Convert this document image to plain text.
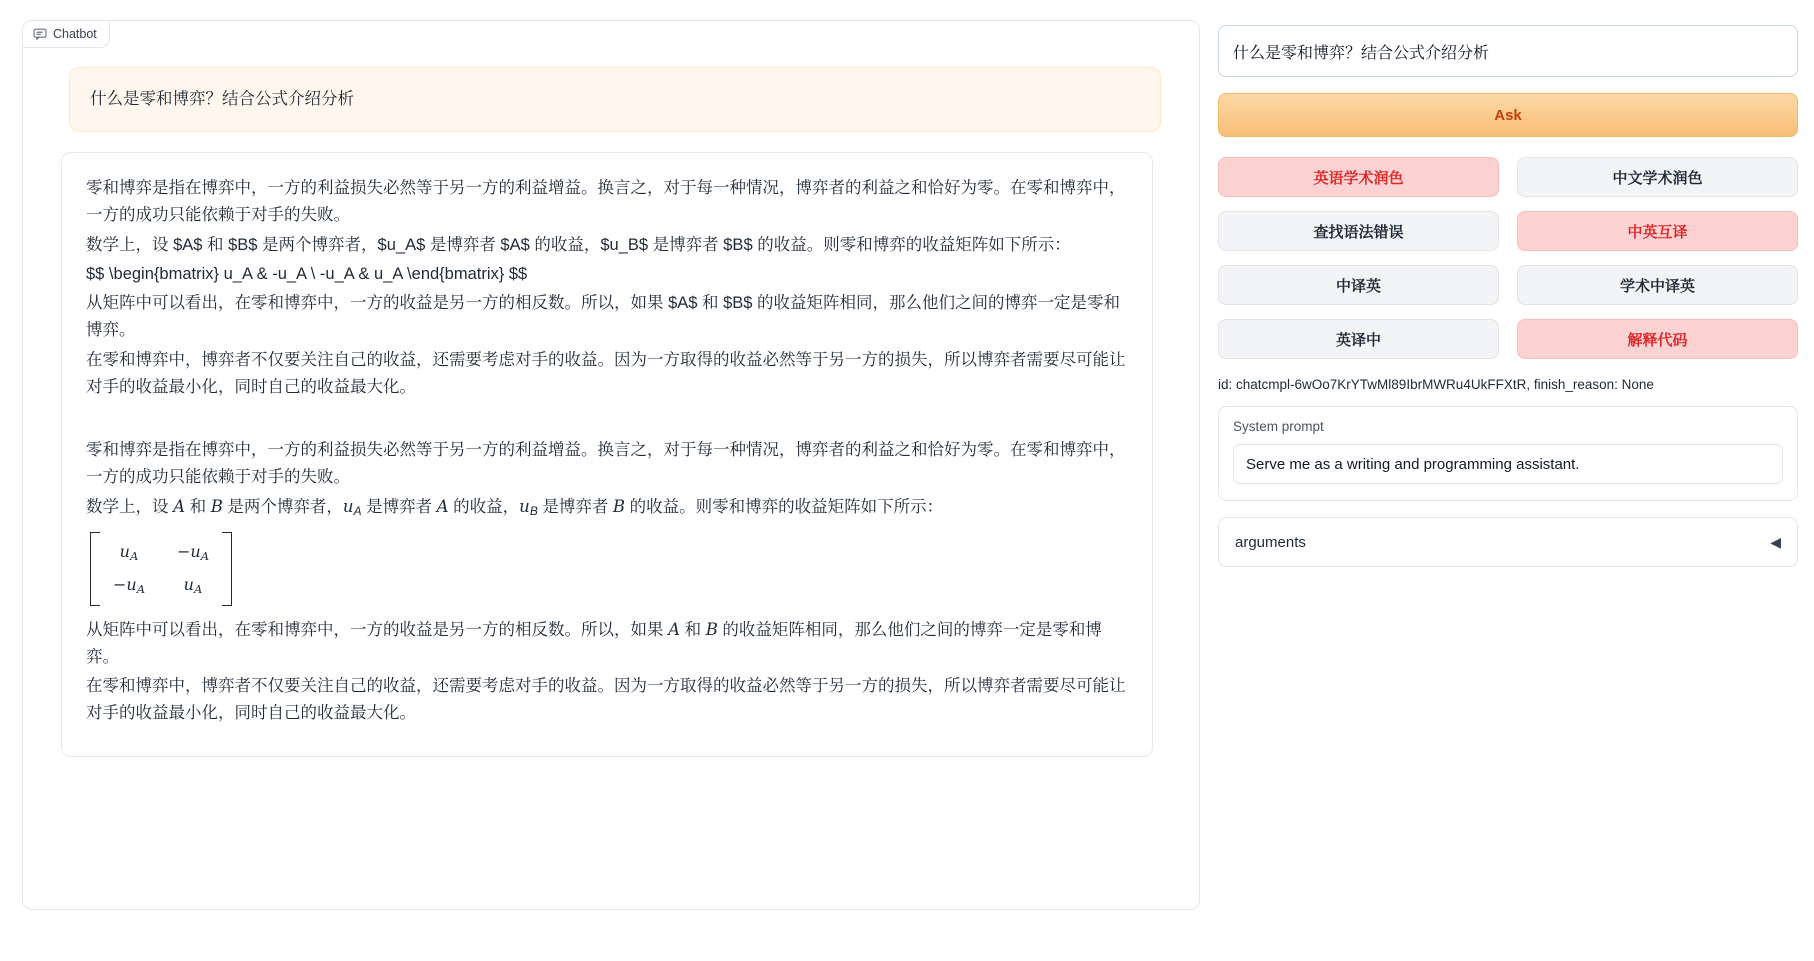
Chatbot
什么是零和博弈？结合公式介绍分析

零和博弈是指在博弈中，一方的利益损失必然等于另一方的利益增益。换言之，对于每一种情况，博弈者的利益之和恰好为零。在零和博弈中，一方的成功只能依赖于对手的失败。

数学上，设 $A$ 和 $B$ 是两个博弈者，$u_A$ 是博弈者 $A$ 的收益，$u_B$ 是博弈者 $B$ 的收益。则零和博弈的收益矩阵如下所示：

$$ \begin{bmatrix} u_A & -u_A \ -u_A & u_A \end{bmatrix} $$

从矩阵中可以看出，在零和博弈中，一方的收益是另一方的相反数。所以，如果 $A$ 和 $B$ 的收益矩阵相同，那么他们之间的博弈一定是零和博弈。

在零和博弈中，博弈者不仅要关注自己的收益，还需要考虑对手的收益。因为一方取得的收益必然等于另一方的损失，所以博弈者需要尽可能让对手的收益最小化，同时自己的收益最大化。

零和博弈是指在博弈中，一方的利益损失必然等于另一方的利益增益。换言之，对于每一种情况，博弈者的利益之和恰好为零。在零和博弈中，一方的成功只能依赖于对手的失败。

数学上，设 A 和 B 是两个博弈者，$u_A$ 是博弈者 A 的收益，$u_B$ 是博弈者 B 的收益。则零和博弈的收益矩阵如下所示：

$u_A$	$-u_A$
$-u_A$	$u_A$

从矩阵中可以看出，在零和博弈中，一方的收益是另一方的相反数。所以，如果 A 和 B 的收益矩阵相同，那么他们之间的博弈一定是零和博弈。

在零和博弈中，博弈者不仅要关注自己的收益，还需要考虑对手的收益。因为一方取得的收益必然等于另一方的损失，所以博弈者需要尽可能让对手的收益最小化，同时自己的收益最大化。

什么是零和博弈？结合公式介绍分析 Ask
英语学术润色	中文学术润色
查找语法错误	中英互译
中译英	学术中译英
英译中	解释代码
id: chatcmpl-6wOo7KrYTwMl89IbrMWRu4UkFFXtR, finish_reason: None
System prompt
Serve me as a writing and programming assistant.
arguments	◀
